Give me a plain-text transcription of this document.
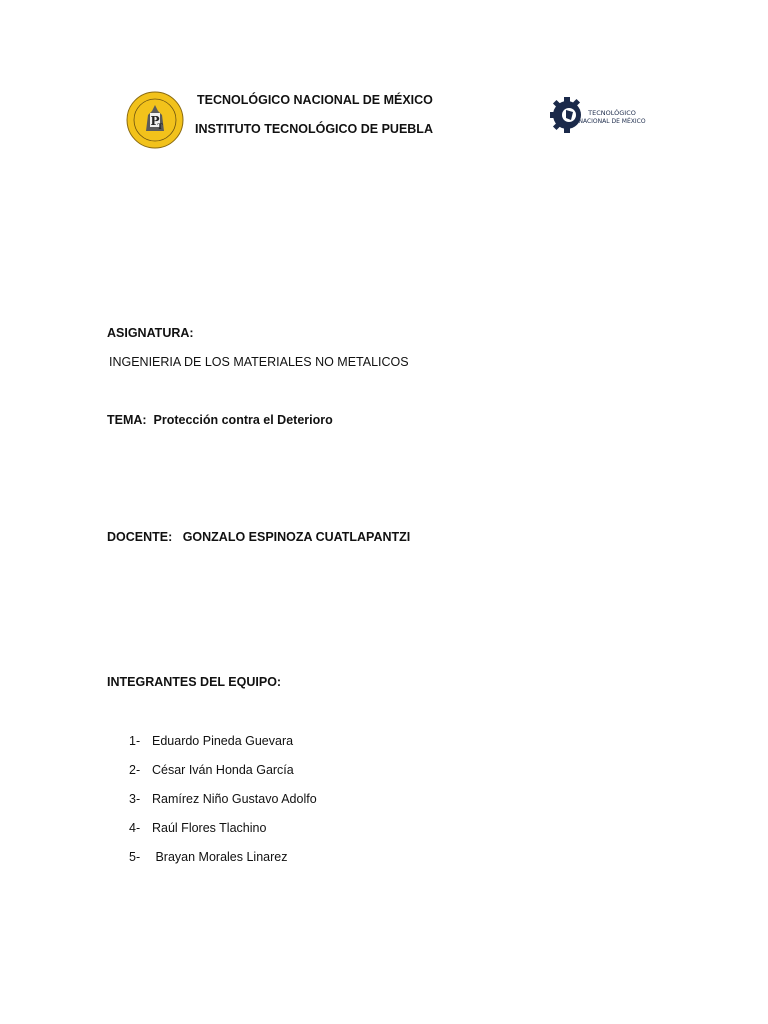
P
T
TECNOLÓGICO NACIONAL DE MÉXICO
INSTITUTO TECNOLÓGICO DE PUEBLA
TECNOLÓGICO
NACIONAL DE MÉXICO
ASIGNATURA:
INGENIERIA DE LOS MATERIALES NO METALICOS
TEMA: Protección contra el Deterioro
DOCENTE: GONZALO ESPINOZA CUATLAPANTZI
INTEGRANTES DEL EQUIPO:
1- Eduardo Pineda Guevara
2- César Iván Honda García
3- Ramírez Niño Gustavo Adolfo
4- Raúl Flores Tlachino
5- Brayan Morales Linarez
